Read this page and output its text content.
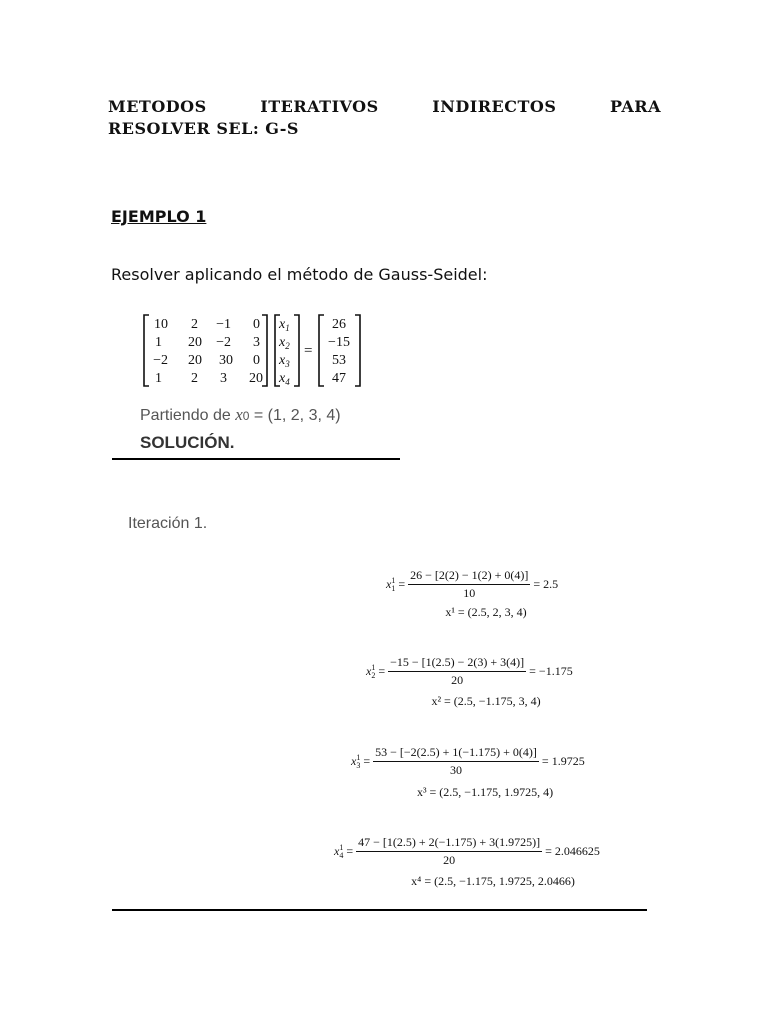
METODOS	ITERATIVOS	INDIRECTOS	PARA
RESOLVER SEL: G-S
EJEMPLO 1
Resolver aplicando el método de Gauss-Seidel:
10 2 −1 0
1 20 −2 3
−2 20 30 0
1 2 3 20
$x_1$
$x_2$
$x_3$
$x_4$
=
26
−15
53
47
Partiendo de x0 = (1, 2, 3, 4)
SOLUCIÓN.
Iteración 1.
$x^1_1 = \frac{26 - [2(2) - 1(2) + 0(4)]}{10} = 2.5$
x¹ = (2.5, 2, 3, 4)
$x^1_2 = \frac{-15 - [1(2.5) - 2(3) + 3(4)]}{20} = -1.175$
x² = (2.5, −1.175, 3, 4)
$x^1_3 = \frac{53 - [-2(2.5) + 1(-1.175) + 0(4)]}{30} = 1.9725$
x³ = (2.5, −1.175, 1.9725, 4)
$x^1_4 = \frac{47 - [1(2.5) + 2(-1.175) + 3(1.9725)]}{20} = 2.046625$
x⁴ = (2.5, −1.175, 1.9725, 2.0466)
